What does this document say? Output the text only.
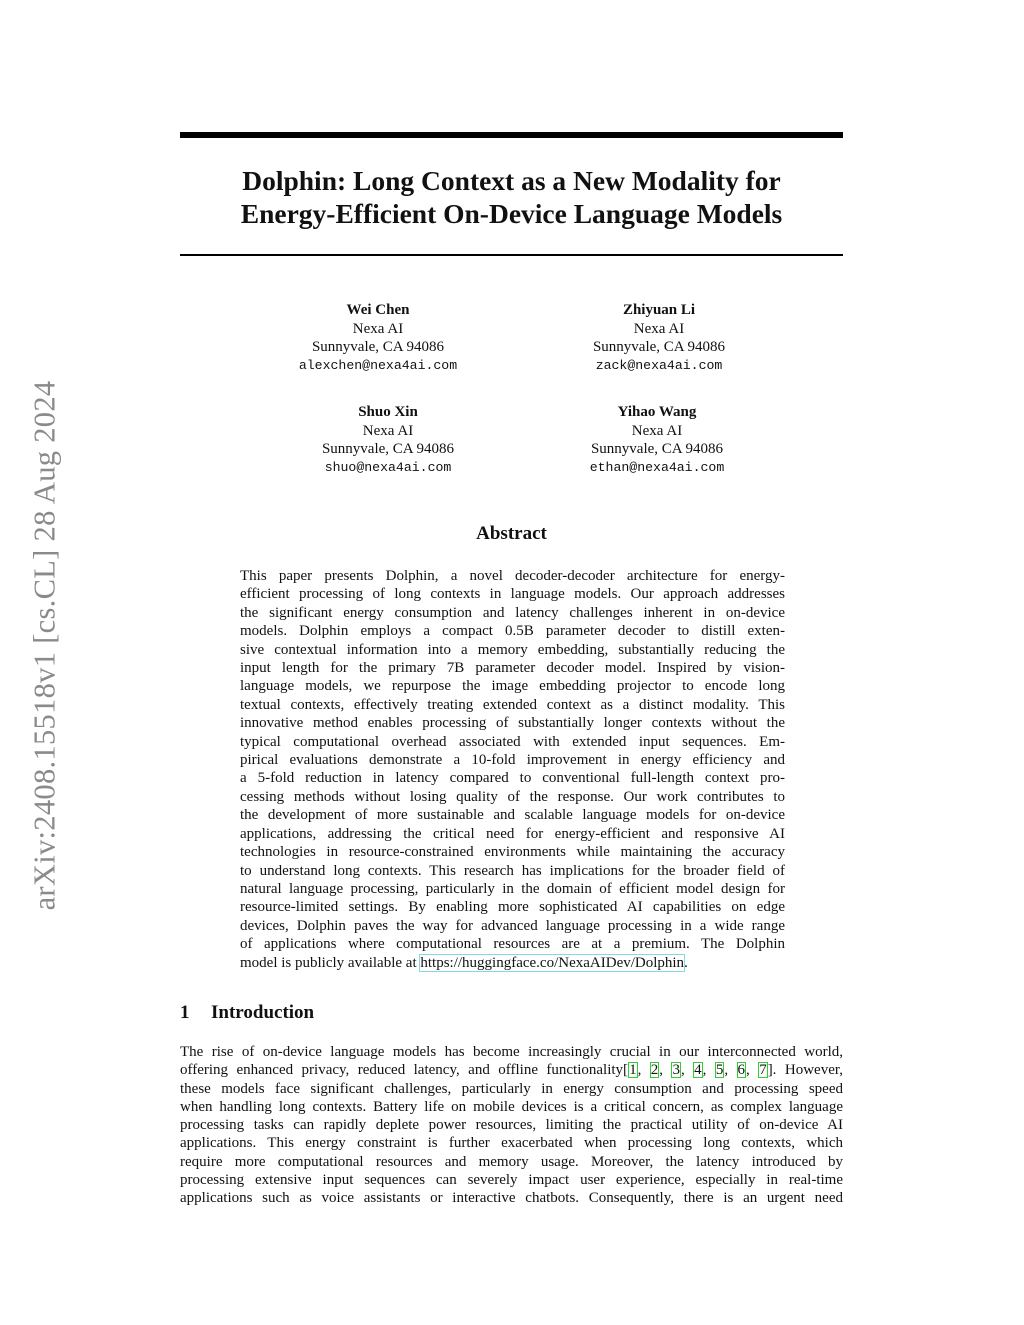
arXiv:2408.15518v1 [cs.CL] 28 Aug 2024
Dolphin: Long Context as a New Modality for
Energy-Efficient On-Device Language Models
Wei Chen
Nexa AI
Sunnyvale, CA 94086
alexchen@nexa4ai.com
Zhiyuan Li
Nexa AI
Sunnyvale, CA 94086
zack@nexa4ai.com
Shuo Xin
Nexa AI
Sunnyvale, CA 94086
shuo@nexa4ai.com
Yihao Wang
Nexa AI
Sunnyvale, CA 94086
ethan@nexa4ai.com
Abstract
This paper presents Dolphin, a novel decoder-decoder architecture for energy-
efficient processing of long contexts in language models. Our approach addresses
the significant energy consumption and latency challenges inherent in on-device
models. Dolphin employs a compact 0.5B parameter decoder to distill exten-
sive contextual information into a memory embedding, substantially reducing the
input length for the primary 7B parameter decoder model. Inspired by vision-
language models, we repurpose the image embedding projector to encode long
textual contexts, effectively treating extended context as a distinct modality. This
innovative method enables processing of substantially longer contexts without the
typical computational overhead associated with extended input sequences. Em-
pirical evaluations demonstrate a 10-fold improvement in energy efficiency and
a 5-fold reduction in latency compared to conventional full-length context pro-
cessing methods without losing quality of the response. Our work contributes to
the development of more sustainable and scalable language models for on-device
applications, addressing the critical need for energy-efficient and responsive AI
technologies in resource-constrained environments while maintaining the accuracy
to understand long contexts. This research has implications for the broader field of
natural language processing, particularly in the domain of efficient model design for
resource-limited settings. By enabling more sophisticated AI capabilities on edge
devices, Dolphin paves the way for advanced language processing in a wide range
of applications where computational resources are at a premium. The Dolphin
model is publicly available at https://huggingface.co/NexaAIDev/Dolphin.
1 Introduction
The rise of on-device language models has become increasingly crucial in our interconnected world,
offering enhanced privacy, reduced latency, and offline functionality[1, 2, 3, 4, 5, 6, 7]. However,
these models face significant challenges, particularly in energy consumption and processing speed
when handling long contexts. Battery life on mobile devices is a critical concern, as complex language
processing tasks can rapidly deplete power resources, limiting the practical utility of on-device AI
applications. This energy constraint is further exacerbated when processing long contexts, which
require more computational resources and memory usage. Moreover, the latency introduced by
processing extensive input sequences can severely impact user experience, especially in real-time
applications such as voice assistants or interactive chatbots. Consequently, there is an urgent need
